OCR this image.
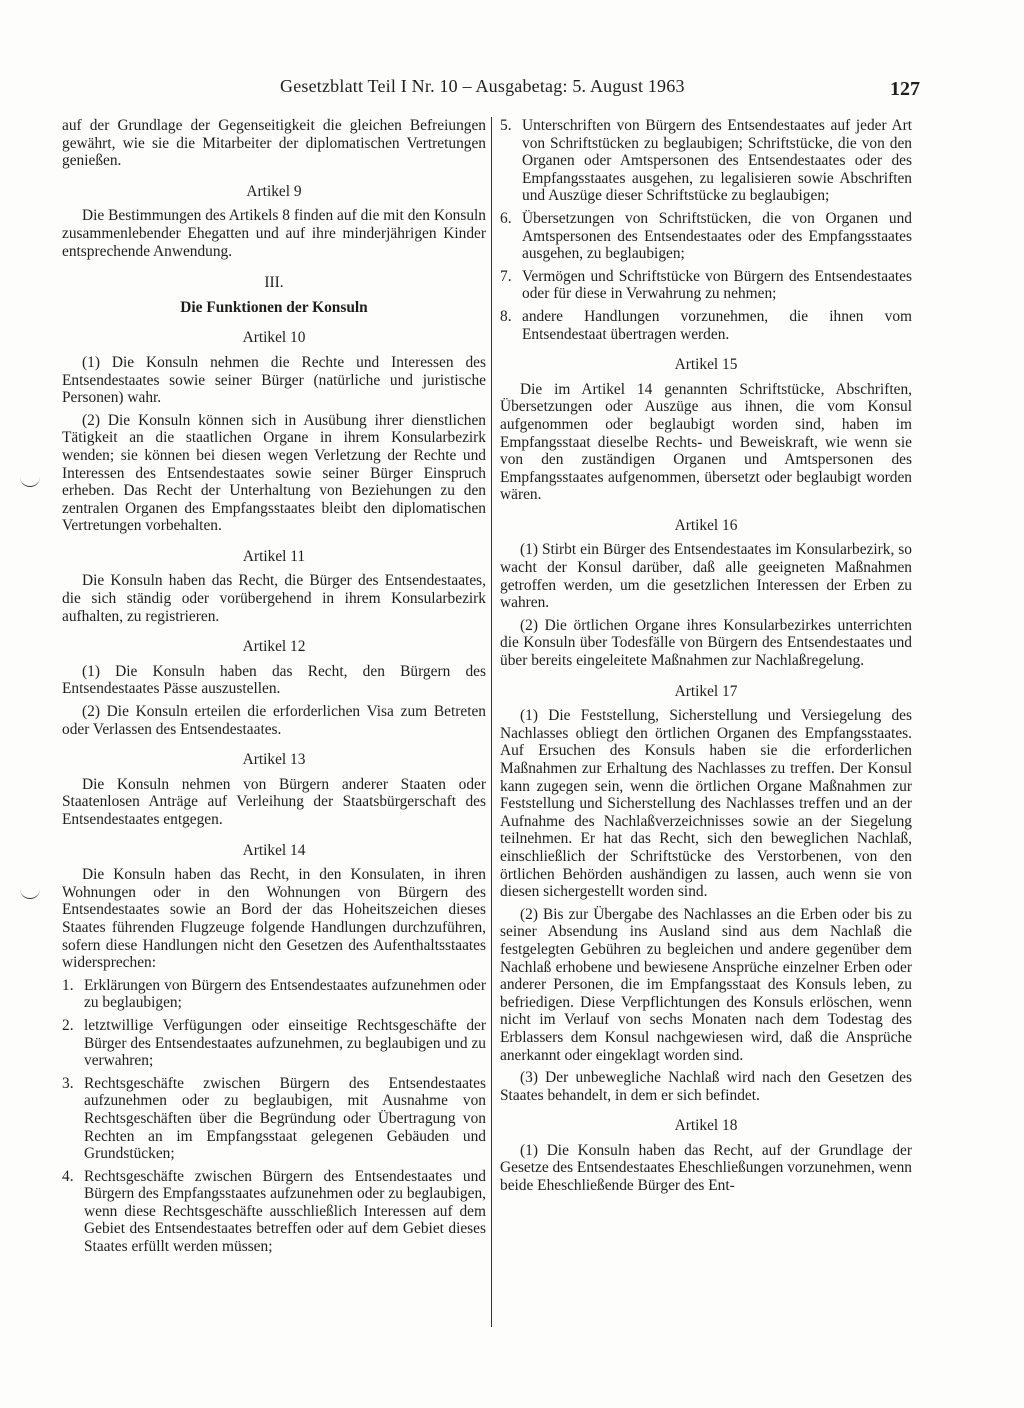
Gesetzblatt Teil I Nr. 10 – Ausgabetag: 5. August 1963	127

auf der Grundlage der Gegenseitigkeit die gleichen Befreiungen gewährt, wie sie die Mitarbeiter der diplomatischen Vertretungen genießen.

Artikel 9

Die Bestimmungen des Artikels 8 finden auf die mit den Konsuln zusammenlebender Ehegatten und auf ihre minderjährigen Kinder entsprechende Anwendung.

III.
Die Funktionen der Konsuln
Artikel 10

(1) Die Konsuln nehmen die Rechte und Interessen des Entsendestaates sowie seiner Bürger (natürliche und juristische Personen) wahr.

(2) Die Konsuln können sich in Ausübung ihrer dienstlichen Tätigkeit an die staatlichen Organe in ihrem Konsularbezirk wenden; sie können bei diesen wegen Verletzung der Rechte und Interessen des Entsendestaates sowie seiner Bürger Einspruch erheben. Das Recht der Unterhaltung von Beziehungen zu den zentralen Organen des Empfangsstaates bleibt den diplomatischen Vertretungen vorbehalten.

Artikel 11

Die Konsuln haben das Recht, die Bürger des Entsendestaates, die sich ständig oder vorübergehend in ihrem Konsularbezirk aufhalten, zu registrieren.

Artikel 12

(1) Die Konsuln haben das Recht, den Bürgern des Entsendestaates Pässe auszustellen.

(2) Die Konsuln erteilen die erforderlichen Visa zum Betreten oder Verlassen des Entsendestaates.

Artikel 13

Die Konsuln nehmen von Bürgern anderer Staaten oder Staatenlosen Anträge auf Verleihung der Staatsbürgerschaft des Entsendestaates entgegen.

Artikel 14

Die Konsuln haben das Recht, in den Konsulaten, in ihren Wohnungen oder in den Wohnungen von Bürgern des Entsendestaates sowie an Bord der das Hoheitszeichen dieses Staates führenden Flugzeuge folgende Handlungen durchzuführen, sofern diese Handlungen nicht den Gesetzen des Aufenthaltsstaates widersprechen:

1. Erklärungen von Bürgern des Entsendestaates aufzunehmen oder zu beglaubigen;
2. letztwillige Verfügungen oder einseitige Rechtsgeschäfte der Bürger des Entsendestaates aufzunehmen, zu beglaubigen und zu verwahren;
3. Rechtsgeschäfte zwischen Bürgern des Entsendestaates aufzunehmen oder zu beglaubigen, mit Ausnahme von Rechtsgeschäften über die Begründung oder Übertragung von Rechten an im Empfangsstaat gelegenen Gebäuden und Grundstücken;
4. Rechtsgeschäfte zwischen Bürgern des Entsendestaates und Bürgern des Empfangsstaates aufzunehmen oder zu beglaubigen, wenn diese Rechtsgeschäfte ausschließlich Interessen auf dem Gebiet des Entsendestaates betreffen oder auf dem Gebiet dieses Staates erfüllt werden müssen;
5. Unterschriften von Bürgern des Entsendestaates auf jeder Art von Schriftstücken zu beglaubigen; Schriftstücke, die von den Organen oder Amtspersonen des Entsendestaates oder des Empfangsstaates ausgehen, zu legalisieren sowie Abschriften und Auszüge dieser Schriftstücke zu beglaubigen;
6. Übersetzungen von Schriftstücken, die von Organen und Amtspersonen des Entsendestaates oder des Empfangsstaates ausgehen, zu beglaubigen;
7. Vermögen und Schriftstücke von Bürgern des Entsendestaates oder für diese in Verwahrung zu nehmen;
8. andere Handlungen vorzunehmen, die ihnen vom Entsendestaat übertragen werden.
Artikel 15

Die im Artikel 14 genannten Schriftstücke, Abschriften, Übersetzungen oder Auszüge aus ihnen, die vom Konsul aufgenommen oder beglaubigt worden sind, haben im Empfangsstaat dieselbe Rechts- und Beweiskraft, wie wenn sie von den zuständigen Organen und Amtspersonen des Empfangsstaates aufgenommen, übersetzt oder beglaubigt worden wären.

Artikel 16

(1) Stirbt ein Bürger des Entsendestaates im Konsularbezirk, so wacht der Konsul darüber, daß alle geeigneten Maßnahmen getroffen werden, um die gesetzlichen Interessen der Erben zu wahren.

(2) Die örtlichen Organe ihres Konsularbezirkes unterrichten die Konsuln über Todesfälle von Bürgern des Entsendestaates und über bereits eingeleitete Maßnahmen zur Nachlaßregelung.

Artikel 17

(1) Die Feststellung, Sicherstellung und Versiegelung des Nachlasses obliegt den örtlichen Organen des Empfangsstaates. Auf Ersuchen des Konsuls haben sie die erforderlichen Maßnahmen zur Erhaltung des Nachlasses zu treffen. Der Konsul kann zugegen sein, wenn die örtlichen Organe Maßnahmen zur Feststellung und Sicherstellung des Nachlasses treffen und an der Aufnahme des Nachlaßverzeichnisses sowie an der Siegelung teilnehmen. Er hat das Recht, sich den beweglichen Nachlaß, einschließlich der Schriftstücke des Verstorbenen, von den örtlichen Behörden aushändigen zu lassen, auch wenn sie von diesen sichergestellt worden sind.

(2) Bis zur Übergabe des Nachlasses an die Erben oder bis zu seiner Absendung ins Ausland sind aus dem Nachlaß die festgelegten Gebühren zu begleichen und andere gegenüber dem Nachlaß erhobene und bewiesene Ansprüche einzelner Erben oder anderer Personen, die im Empfangsstaat des Konsuls leben, zu befriedigen. Diese Verpflichtungen des Konsuls erlöschen, wenn nicht im Verlauf von sechs Monaten nach dem Todestag des Erblassers dem Konsul nachgewiesen wird, daß die Ansprüche anerkannt oder eingeklagt worden sind.

(3) Der unbewegliche Nachlaß wird nach den Gesetzen des Staates behandelt, in dem er sich befindet.

Artikel 18

(1) Die Konsuln haben das Recht, auf der Grundlage der Gesetze des Entsendestaates Eheschließungen vorzunehmen, wenn beide Eheschließende Bürger des Ent-
